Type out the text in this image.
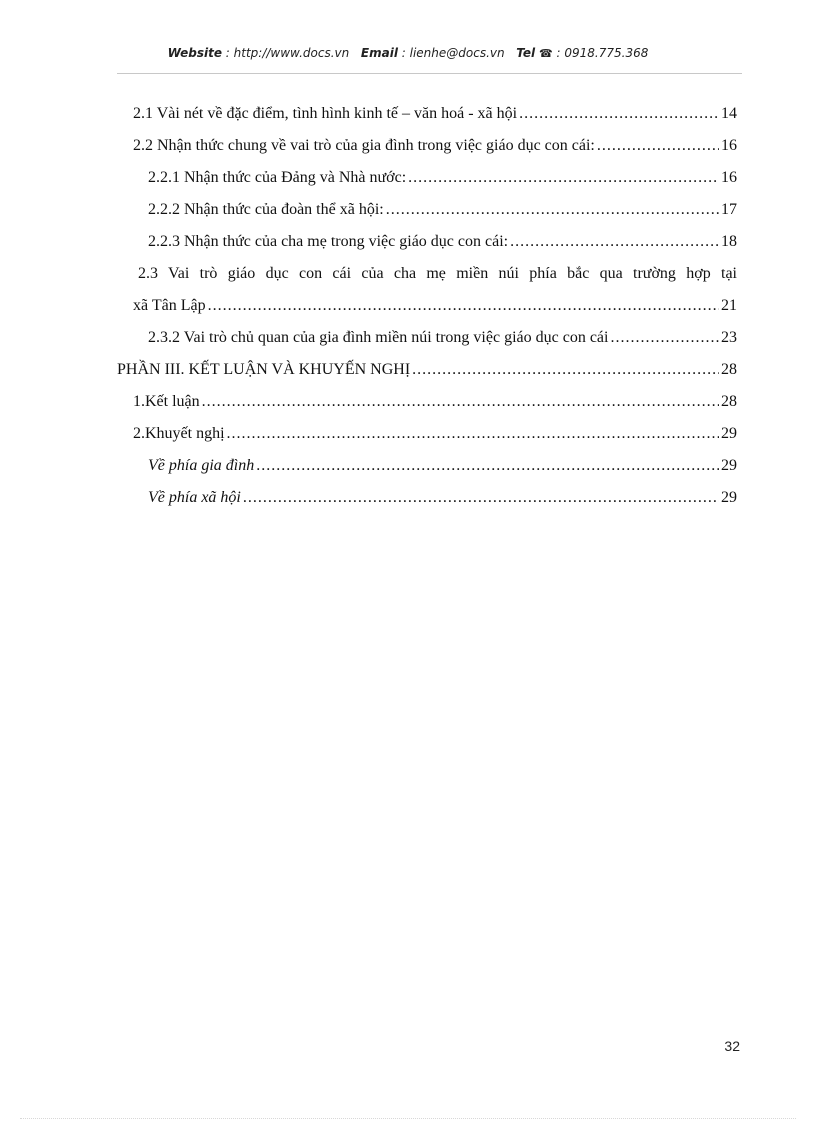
Website : http://www.docs.vn Email : lienhe@docs.vn Tel ☎ : 0918.775.368
2.1 Vài nét về đặc điểm, tình hình kinh tế – văn hoá - xã hội .....	14
2.2 Nhận thức chung về vai trò của gia đình trong việc giáo dục con cái: .....	16
2.2.1 Nhận thức của Đảng và Nhà nước: .....	16
2.2.2 Nhận thức của đoàn thể xã hội: .....	17
2.2.3 Nhận thức của cha mẹ trong việc giáo dục con cái: .....	18
2.3 Vai trò giáo dục con cái của cha mẹ miền núi phía bắc qua trường hợp tại
xã Tân Lập .....	21
2.3.2 Vai trò chủ quan của gia đình miền núi trong việc giáo dục con cái .....	23
PHẦN III. KẾT LUẬN VÀ KHUYẾN NGHỊ .....	28
1.Kết luận .....	28
2.Khuyết nghị .....	29
Về phía gia đình .....	29
Về phía xã hội .....	29
32
